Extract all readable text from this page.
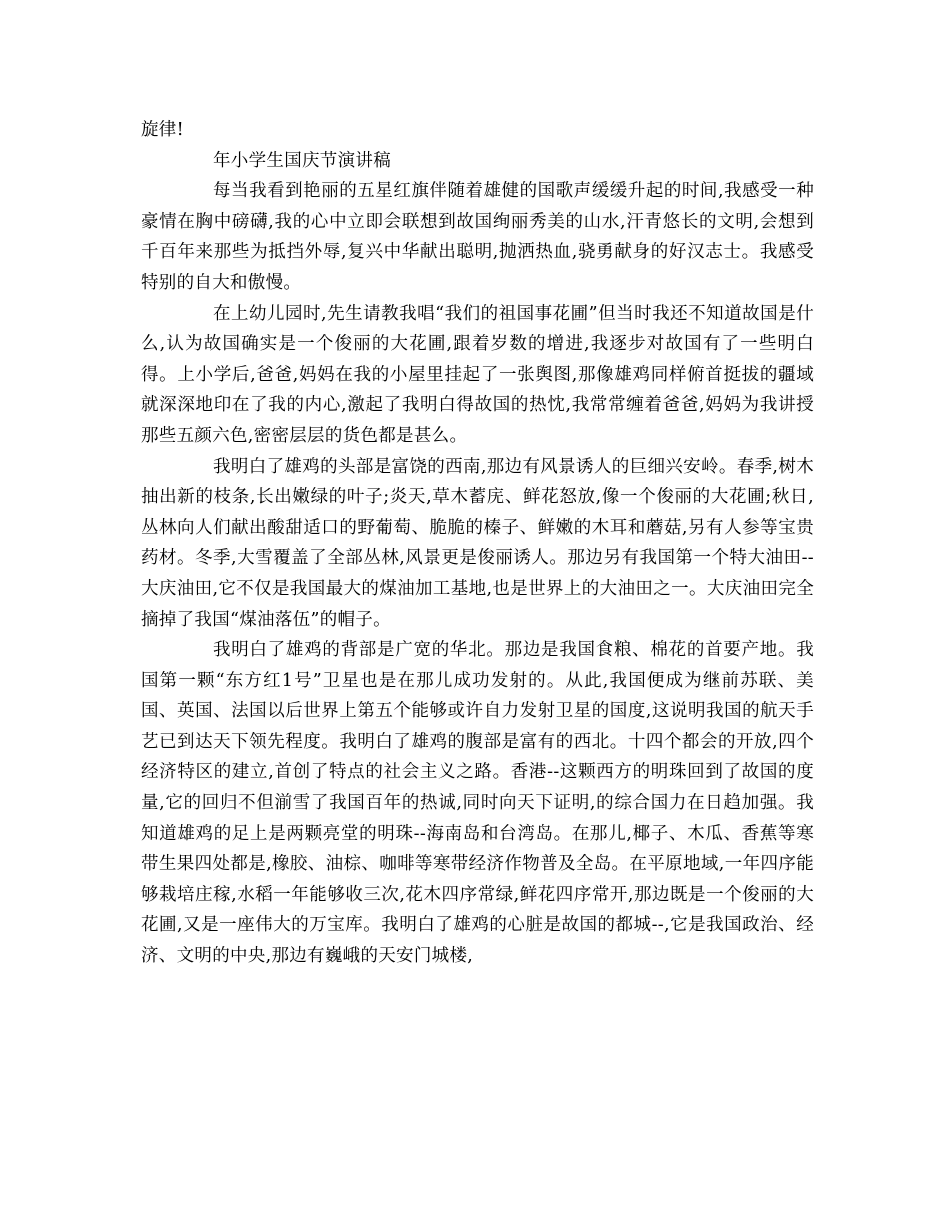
旋律!

年小学生国庆节演讲稿

每当我看到艳丽的五星红旗伴随着雄健的国歌声缓缓升起的时间,我感受一种豪情在胸中磅礴,我的心中立即会联想到故国绚丽秀美的山水,汗青悠长的文明,会想到千百年来那些为抵挡外辱,复兴中华献出聪明,抛洒热血,骁勇献身的好汉志士。我感受特别的自大和傲慢。

在上幼儿园时,先生请教我唱“我们的祖国事花圃”但当时我还不知道故国是什么,认为故国确实是一个俊丽的大花圃,跟着岁数的增进,我逐步对故国有了一些明白得。上小学后,爸爸,妈妈在我的小屋里挂起了一张舆图,那像雄鸡同样俯首挺拔的疆域就深深地印在了我的内心,激起了我明白得故国的热忱,我常常缠着爸爸,妈妈为我讲授那些五颜六色,密密层层的货色都是甚么。

我明白了雄鸡的头部是富饶的西南,那边有风景诱人的巨细兴安岭。春季,树木抽出新的枝条,长出嫩绿的叶子;炎天,草木蓄庑、鲜花怒放,像一个俊丽的大花圃;秋日,丛林向人们献出酸甜适口的野葡萄、脆脆的榛子、鲜嫩的木耳和蘑菇,另有人参等宝贵药材。冬季,大雪覆盖了全部丛林,风景更是俊丽诱人。那边另有我国第一个特大油田--大庆油田,它不仅是我国最大的煤油加工基地,也是世界上的大油田之一。大庆油田完全摘掉了我国“煤油落伍”的帽子。

我明白了雄鸡的背部是广宽的华北。那边是我国食粮、棉花的首要产地。我国第一颗“东方红1号”卫星也是在那儿成功发射的。从此,我国便成为继前苏联、美国、英国、法国以后世界上第五个能够或许自力发射卫星的国度,这说明我国的航天手艺已到达天下领先程度。我明白了雄鸡的腹部是富有的西北。十四个都会的开放,四个经济特区的建立,首创了特点的社会主义之路。香港--这颗西方的明珠回到了故国的度量,它的回归不但湔雪了我国百年的热诚,同时向天下证明,的综合国力在日趋加强。我知道雄鸡的足上是两颗亮堂的明珠--海南岛和台湾岛。在那儿,椰子、木瓜、香蕉等寒带生果四处都是,橡胶、油棕、咖啡等寒带经济作物普及全岛。在平原地域,一年四序能够栽培庄稼,水稻一年能够收三次,花木四序常绿,鲜花四序常开,那边既是一个俊丽的大花圃,又是一座伟大的万宝库。我明白了雄鸡的心脏是故国的都城--,它是我国政治、经济、文明的中央,那边有巍峨的天安门城楼,
